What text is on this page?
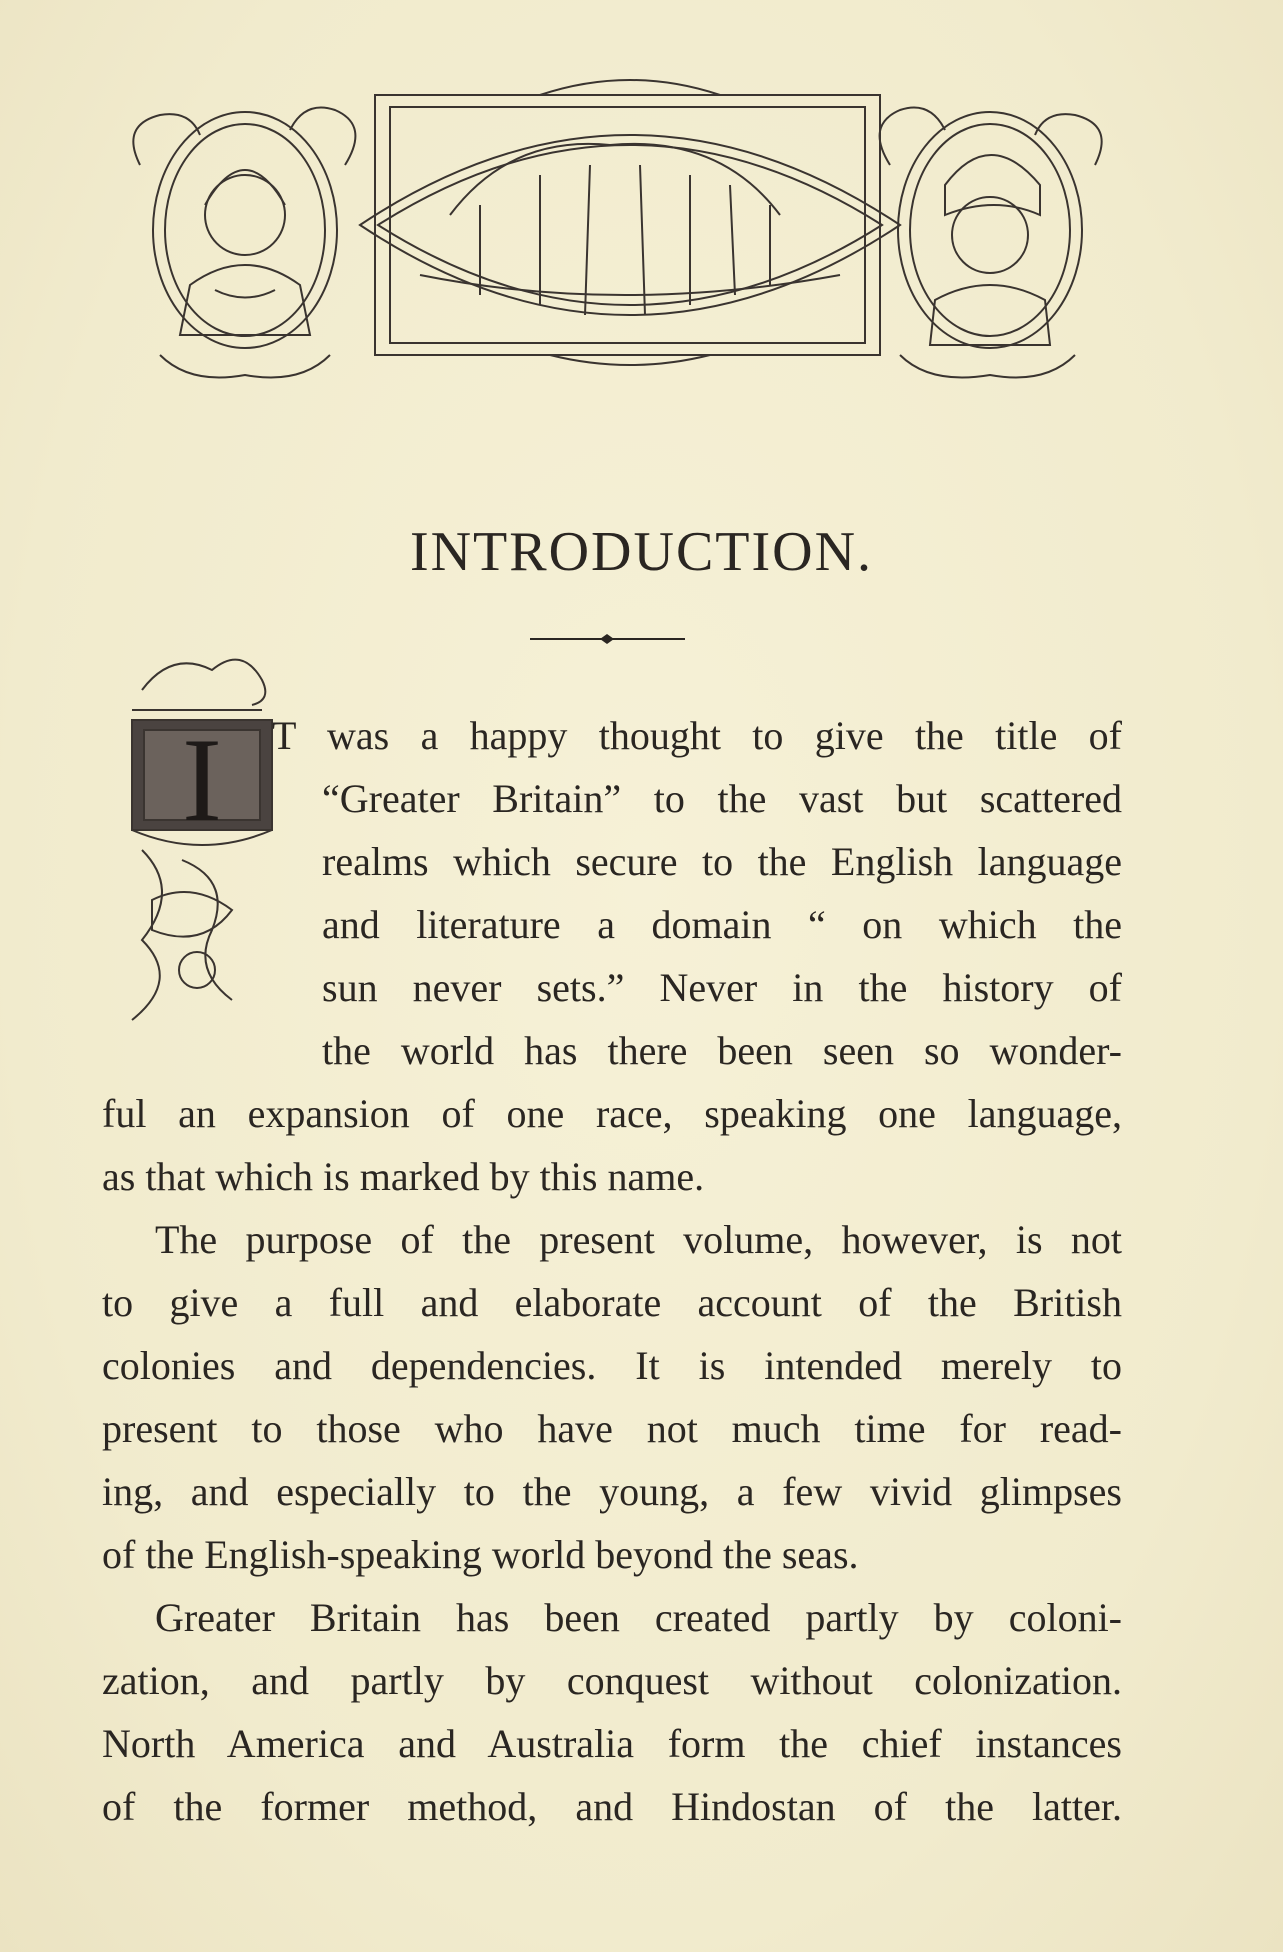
INTRODUCTION.
I T was a happy thought to give the title of
“Greater Britain” to the vast but scattered
realms which secure to the English language
and literature a domain “ on which the
sun never sets.” Never in the history of
the world has there been seen so wonder-
ful an expansion of one race, speaking one language,
as that which is marked by this name.
The purpose of the present volume, however, is not
to give a full and elaborate account of the British
colonies and dependencies. It is intended merely to
present to those who have not much time for read-
ing, and especially to the young, a few vivid glimpses
of the English-speaking world beyond the seas.
Greater Britain has been created partly by coloni-
zation, and partly by conquest without colonization.
North America and Australia form the chief instances
of the former method, and Hindostan of the latter.
